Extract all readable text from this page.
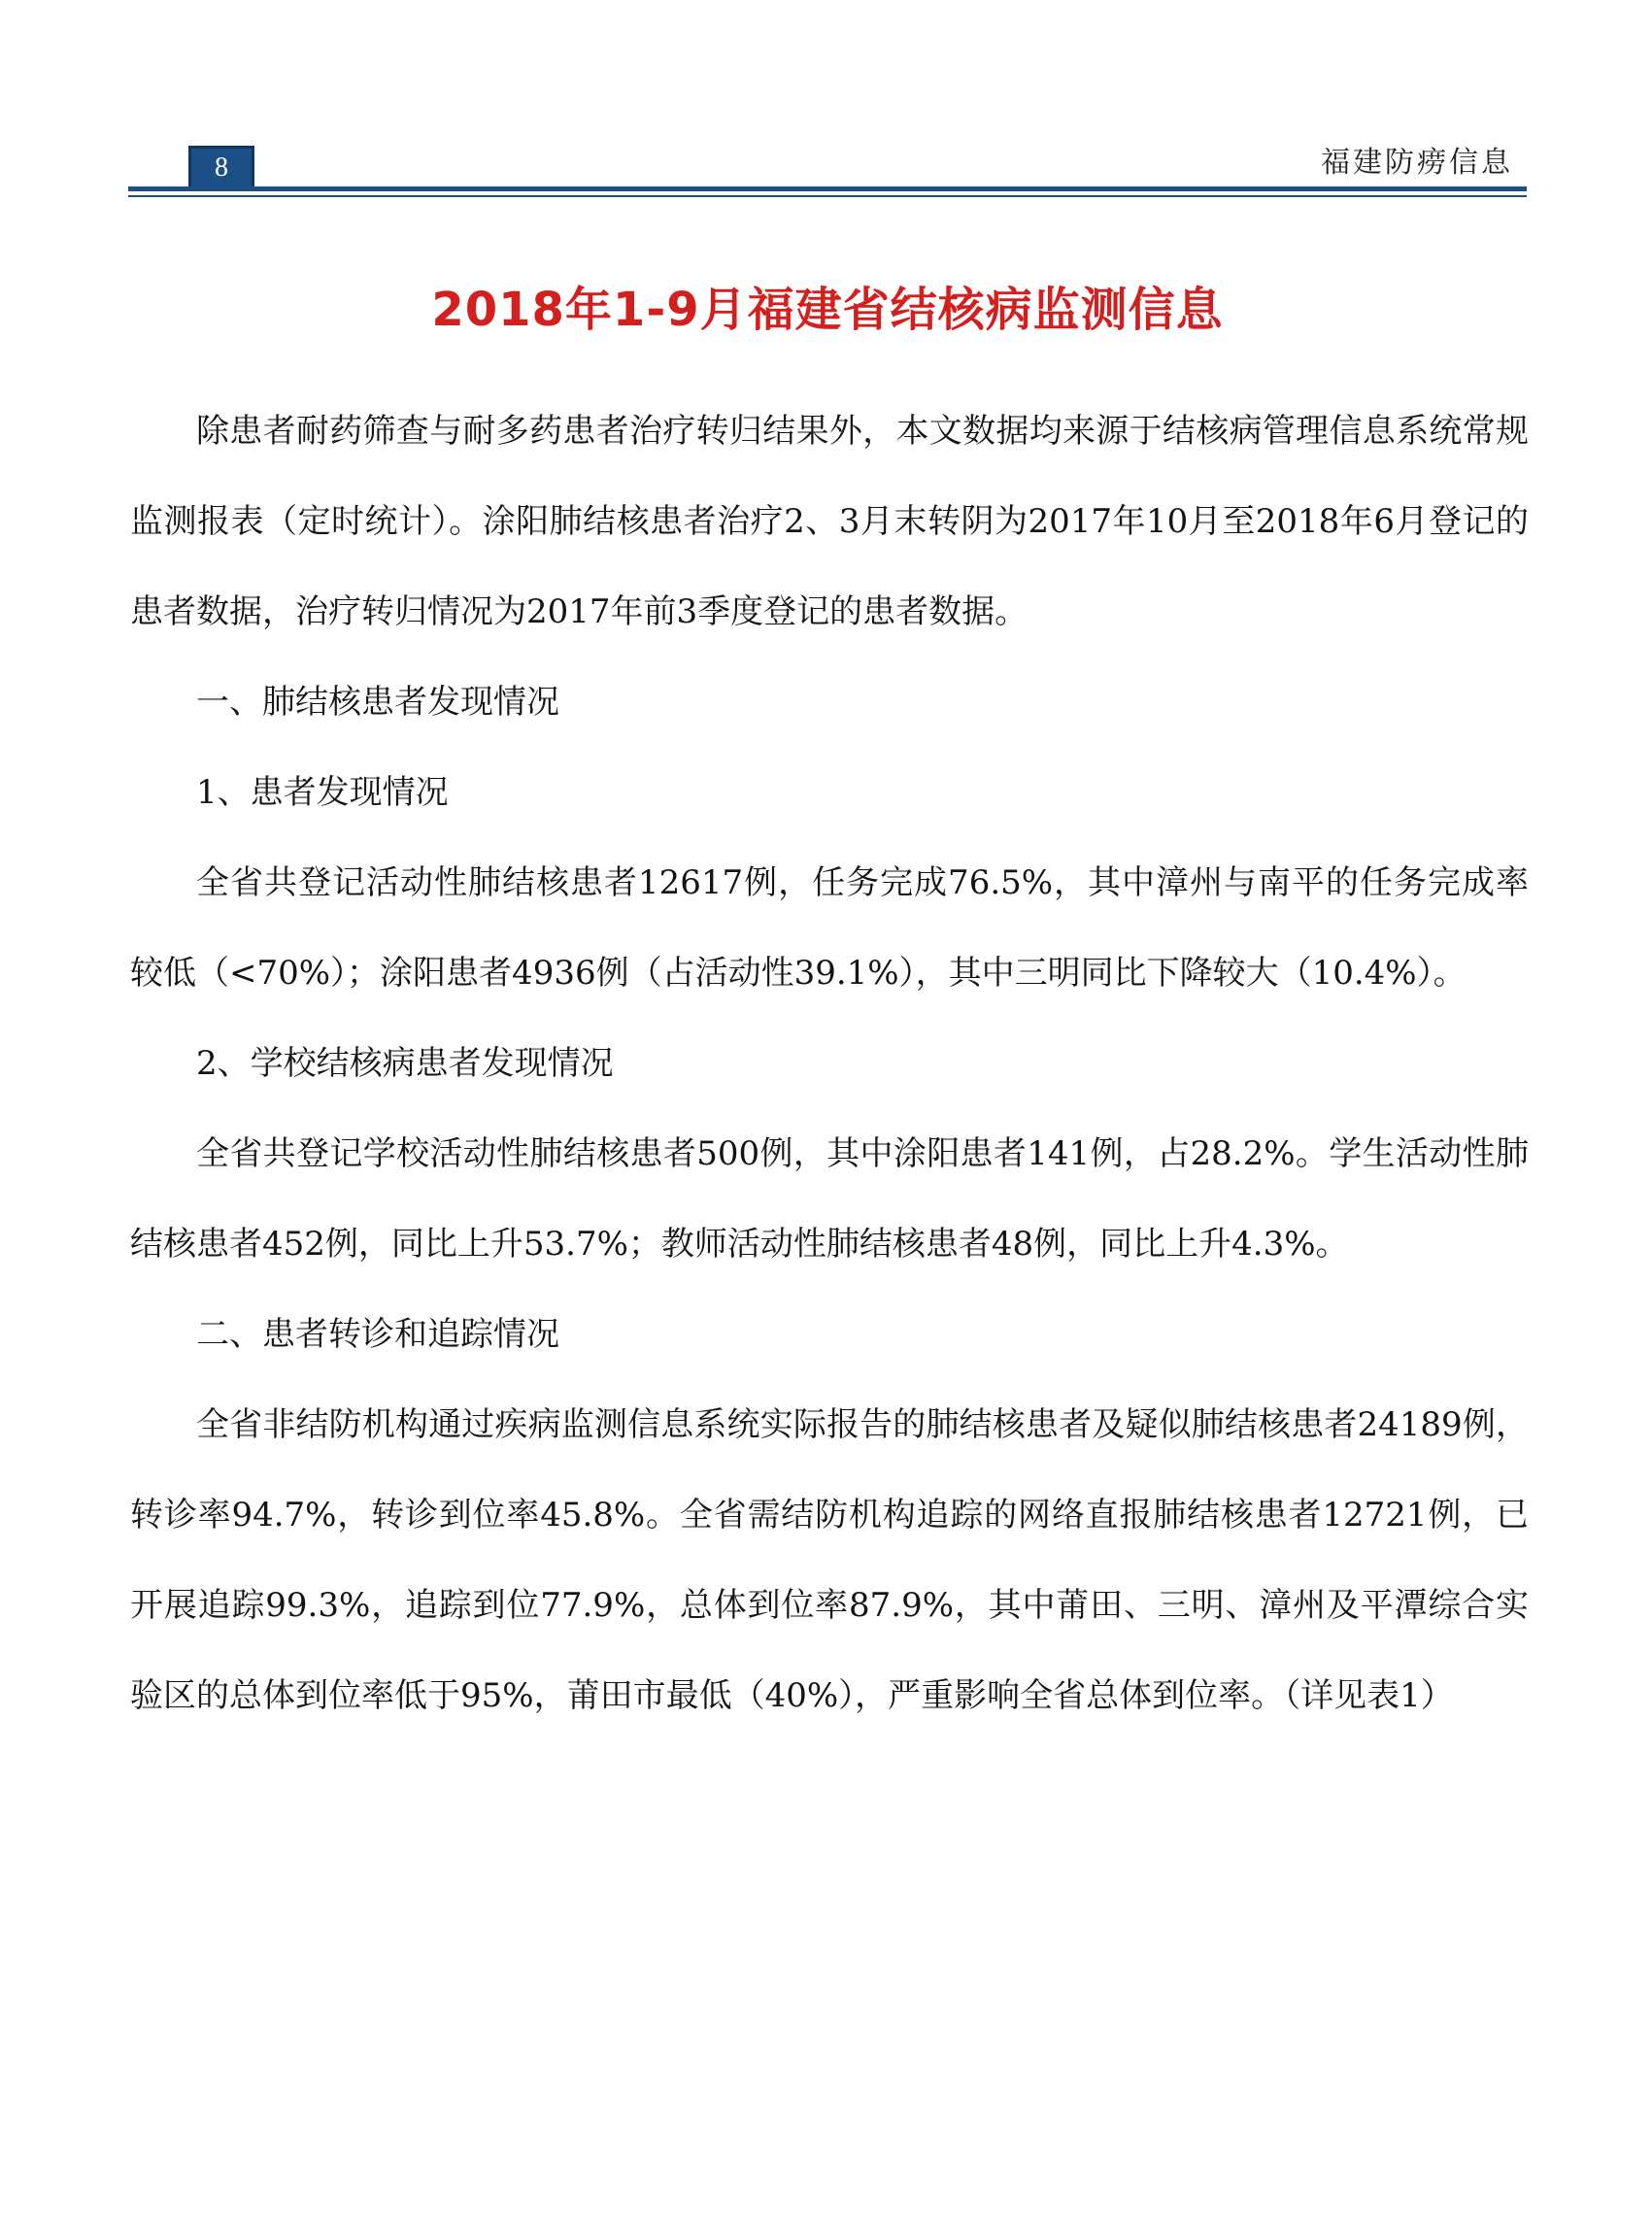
8	福建防痨信息
2018年1-9月福建省结核病监测信息

除患者耐药筛查与耐多药患者治疗转归结果外，本文数据均来源于结核病管理信息系统常规监测报表（定时统计）。涂阳肺结核患者治疗2、3月末转阴为2017年10月至2018年6月登记的患者数据，治疗转归情况为2017年前3季度登记的患者数据。

一、肺结核患者发现情况

1、患者发现情况

全省共登记活动性肺结核患者12617例，任务完成76.5%，其中漳州与南平的任务完成率较低（<70%）；涂阳患者4936例（占活动性39.1%），其中三明同比下降较大（10.4%）。

2、学校结核病患者发现情况

全省共登记学校活动性肺结核患者500例，其中涂阳患者141例，占28.2%。学生活动性肺结核患者452例，同比上升53.7%；教师活动性肺结核患者48例，同比上升4.3%。

二、患者转诊和追踪情况

全省非结防机构通过疾病监测信息系统实际报告的肺结核患者及疑似肺结核患者24189例，转诊率94.7%，转诊到位率45.8%。全省需结防机构追踪的网络直报肺结核患者12721例，已开展追踪99.3%，追踪到位77.9%，总体到位率87.9%，其中莆田、三明、漳州及平潭综合实验区的总体到位率低于95%，莆田市最低（40%），严重影响全省总体到位率。（详见表1）
